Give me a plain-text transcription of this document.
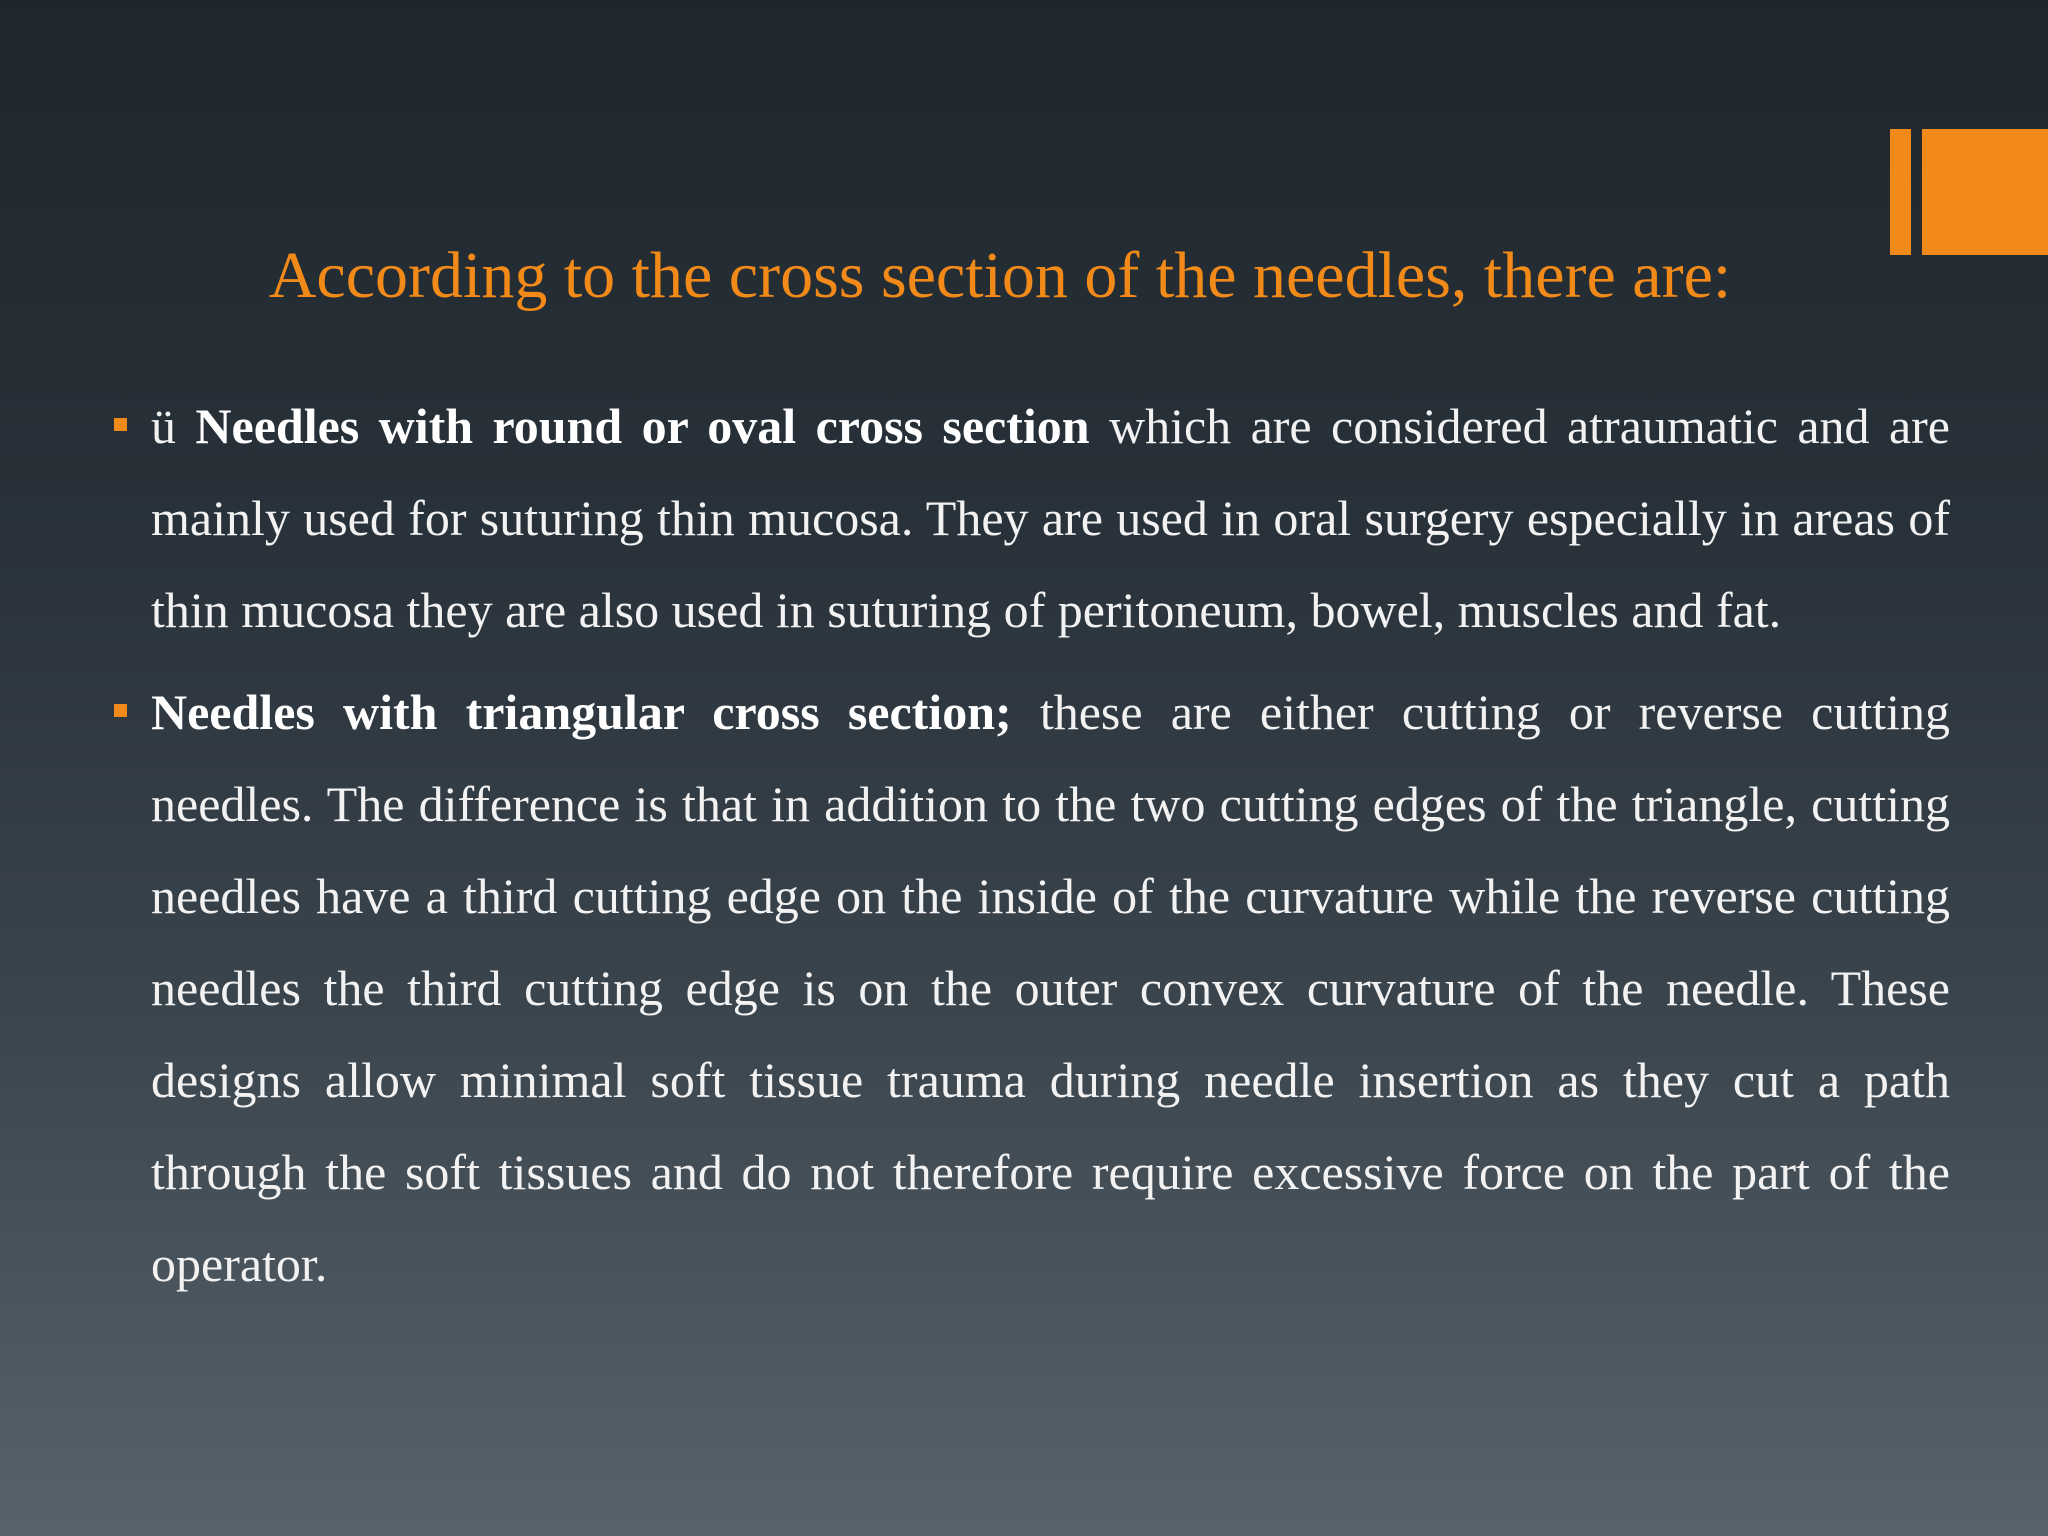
According to the cross section of the needles, there are:
ü Needles with round or oval cross section which are considered atraumatic and are mainly used for suturing thin mucosa. They are used in oral surgery especially in areas of thin mucosa they are also used in suturing of peritoneum, bowel, muscles and fat.
Needles with triangular cross section; these are either cutting or reverse cutting needles. The difference is that in addition to the two cutting edges of the triangle, cutting needles have a third cutting edge on the inside of the curvature while the reverse cutting needles the third cutting edge is on the outer convex curvature of the needle. These designs allow minimal soft tissue trauma during needle insertion as they cut a path through the soft tissues and do not therefore require excessive force on the part of the operator.
